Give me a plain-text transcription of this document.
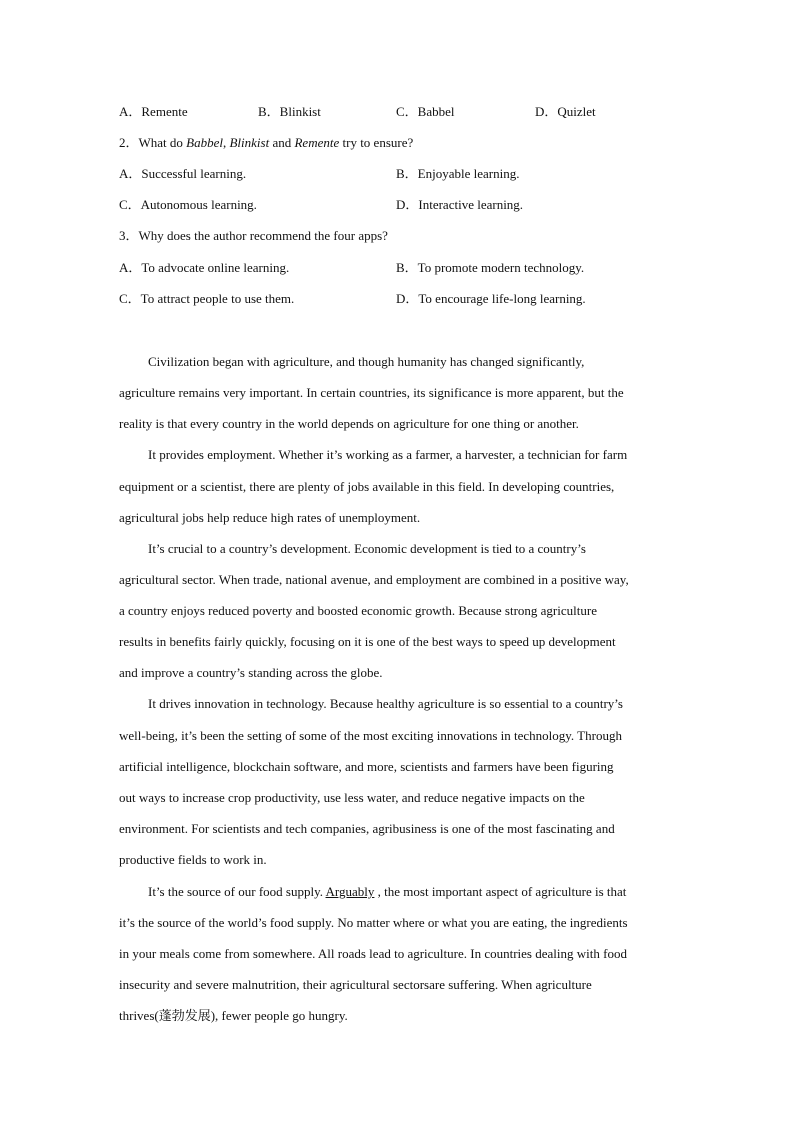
A．Remente	B．Blinkist	C．Babbel	D．Quizlet
2．What do Babbel, Blinkist and Remente try to ensure?
A．Successful learning.	B．Enjoyable learning.
C．Autonomous learning.	D．Interactive learning.
3．Why does the author recommend the four apps?
A．To advocate online learning.	B．To promote modern technology.
C．To attract people to use them.	D．To encourage life-long learning.
Civilization began with agriculture, and though humanity has changed significantly,
agriculture remains very important. In certain countries, its significance is more apparent, but the
reality is that every country in the world depends on agriculture for one thing or another.
It provides employment. Whether it’s working as a farmer, a harvester, a technician for farm
equipment or a scientist, there are plenty of jobs available in this field. In developing countries,
agricultural jobs help reduce high rates of unemployment.
It’s crucial to a country’s development. Economic development is tied to a country’s
agricultural sector. When trade, national avenue, and employment are combined in a positive way,
a country enjoys reduced poverty and boosted economic growth. Because strong agriculture
results in benefits fairly quickly, focusing on it is one of the best ways to speed up development
and improve a country’s standing across the globe.
It drives innovation in technology. Because healthy agriculture is so essential to a country’s
well-being, it’s been the setting of some of the most exciting innovations in technology. Through
artificial intelligence, blockchain software, and more, scientists and farmers have been figuring
out ways to increase crop productivity, use less water, and reduce negative impacts on the
environment. For scientists and tech companies, agribusiness is one of the most fascinating and
productive fields to work in.
It’s the source of our food supply. Arguably , the most important aspect of agriculture is that
it’s the source of the world’s food supply. No matter where or what you are eating, the ingredients
in your meals come from somewhere. All roads lead to agriculture. In countries dealing with food
insecurity and severe malnutrition, their agricultural sectorsare suffering. When agriculture
thrives(蓬勃发展), fewer people go hungry.
